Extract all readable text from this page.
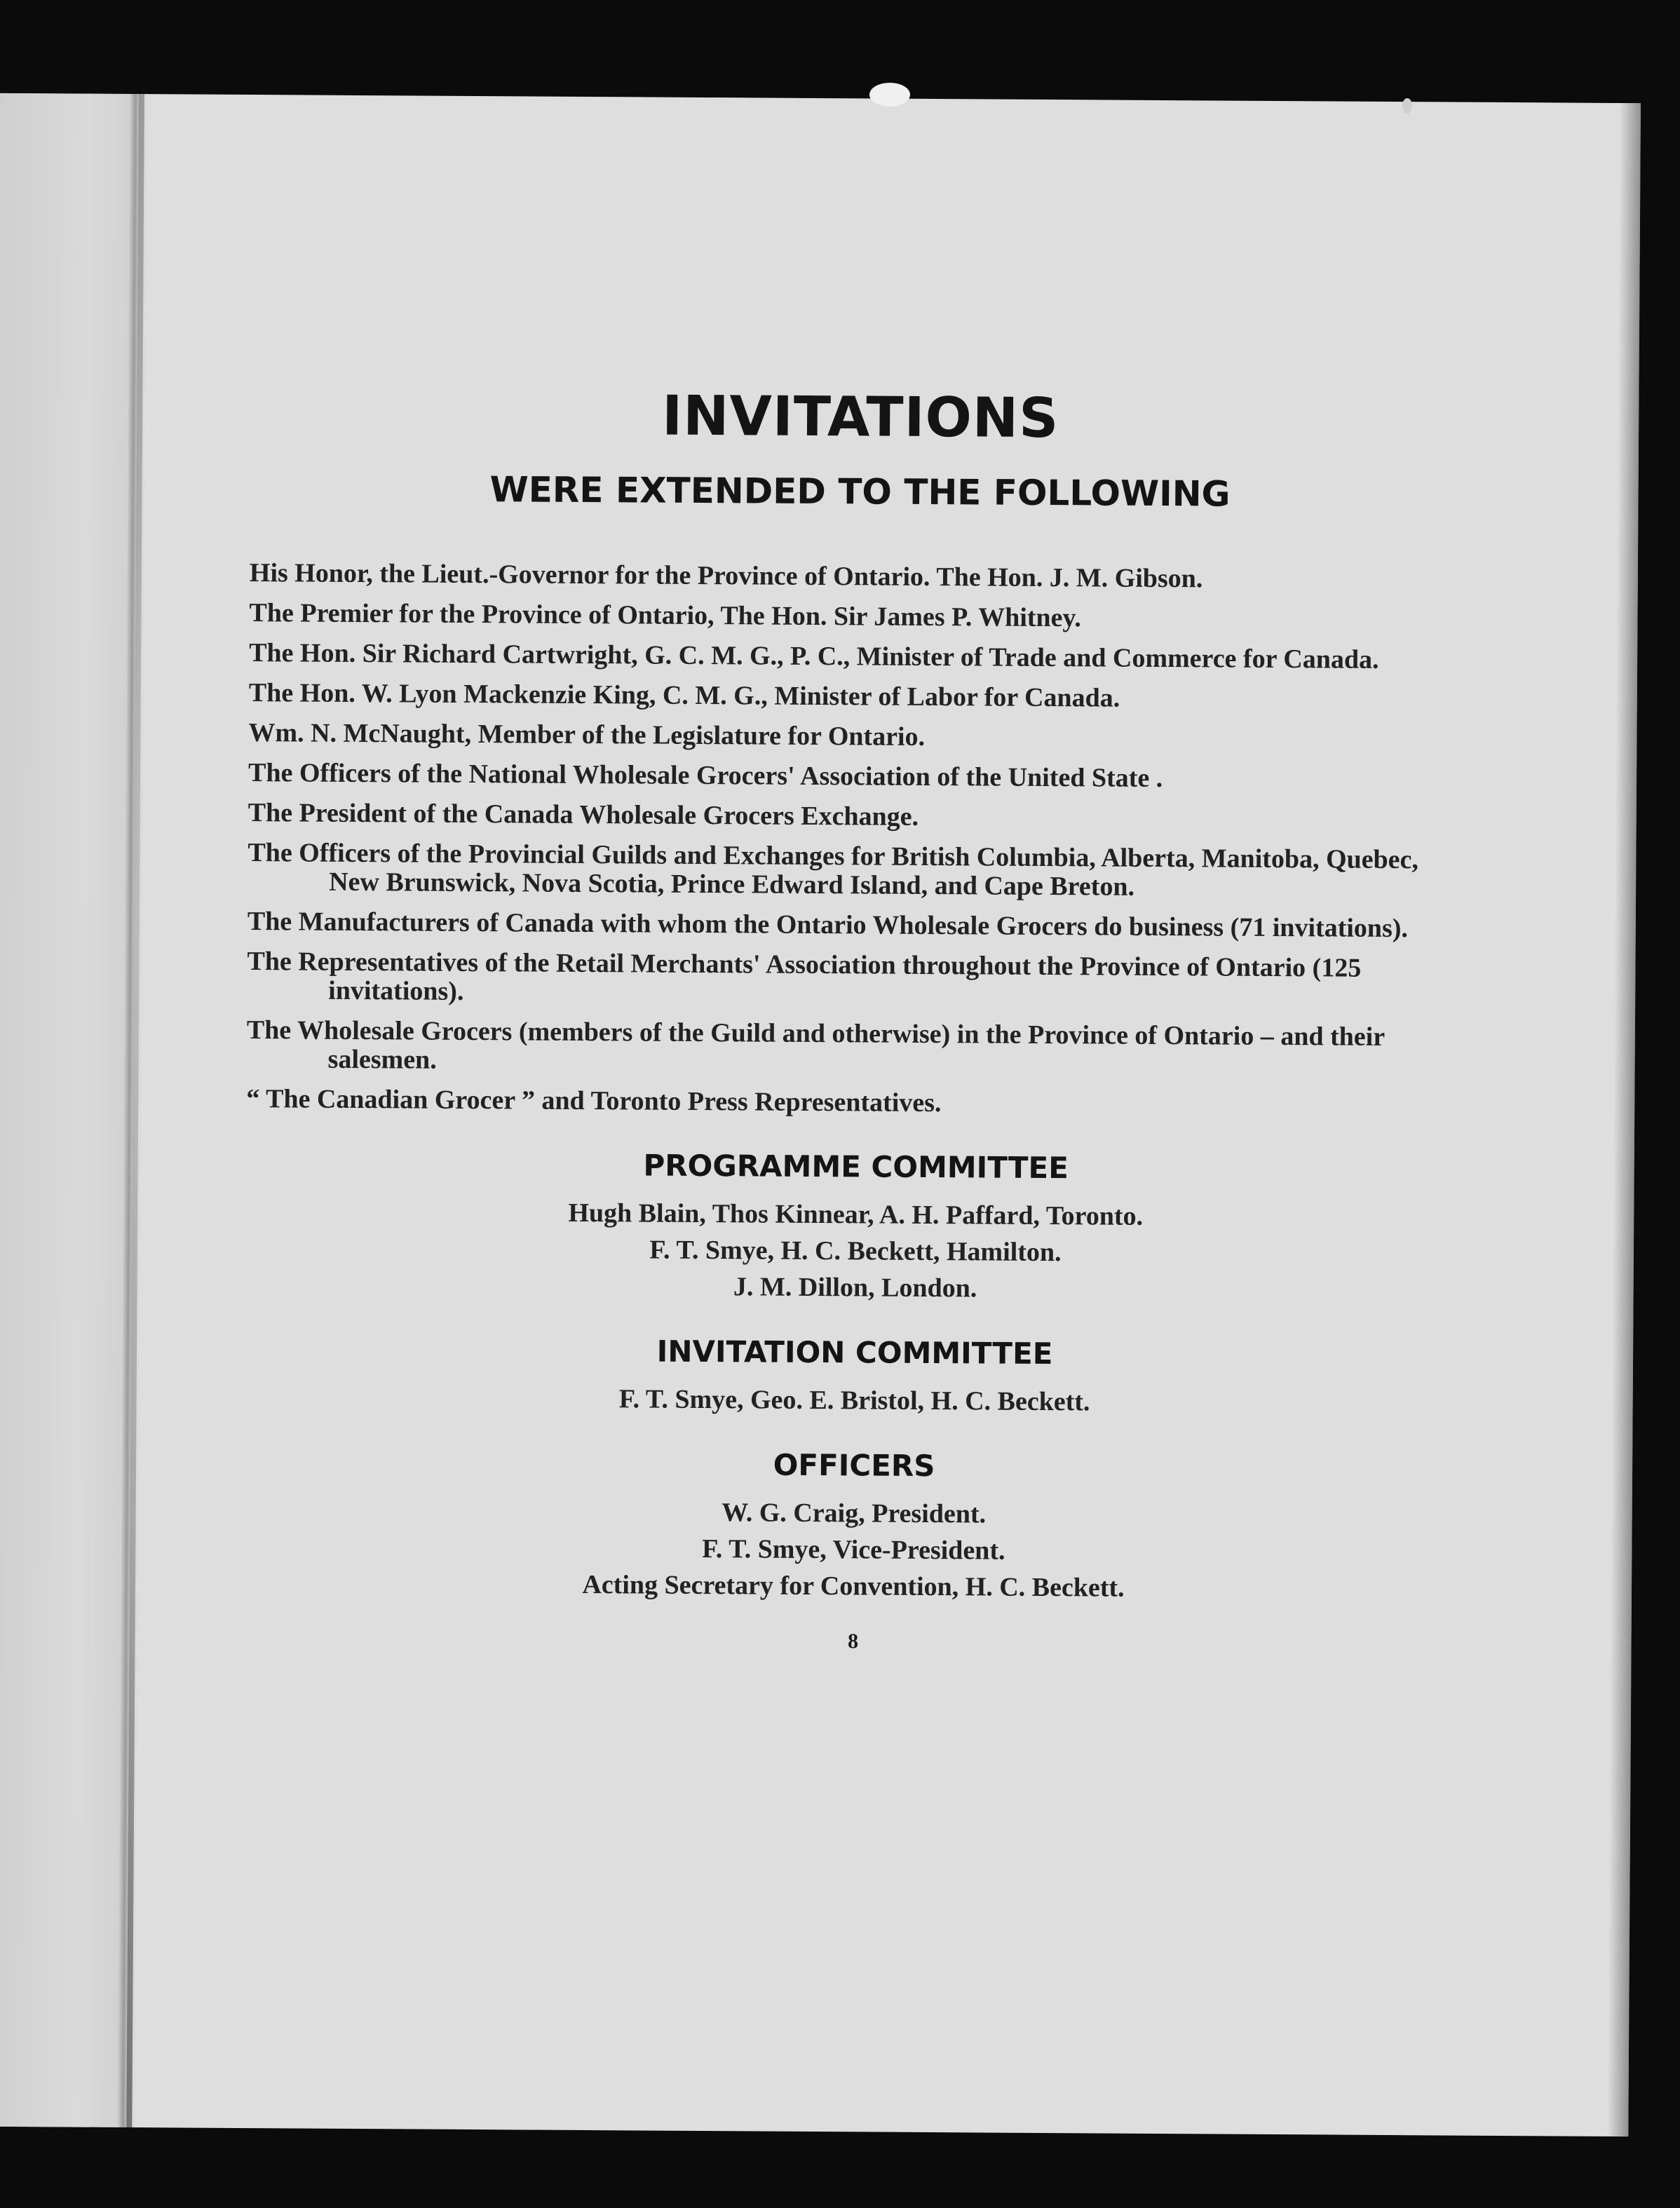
INVITATIONS
WERE EXTENDED TO THE FOLLOWING

His Honor, the Lieut.-Governor for the Province of Ontario. The Hon. J. M. Gibson.

The Premier for the Province of Ontario, The Hon. Sir James P. Whitney.

The Hon. Sir Richard Cartwright, G. C. M. G., P. C., Minister of Trade and Commerce for Canada.

The Hon. W. Lyon Mackenzie King, C. M. G., Minister of Labor for Canada.

Wm. N. McNaught, Member of the Legislature for Ontario.

The Officers of the National Wholesale Grocers' Association of the United State .

The President of the Canada Wholesale Grocers Exchange.

The Officers of the Provincial Guilds and Exchanges for British Columbia, Alberta, Manitoba, Quebec, New Brunswick, Nova Scotia, Prince Edward Island, and Cape Breton.

The Manufacturers of Canada with whom the Ontario Wholesale Grocers do business (71 invitations).

The Representatives of the Retail Merchants' Association throughout the Province of Ontario (125 invitations).

The Wholesale Grocers (members of the Guild and otherwise) in the Province of Ontario – and their salesmen.

“ The Canadian Grocer ” and Toronto Press Representatives.

PROGRAMME COMMITTEE

Hugh Blain, Thos Kinnear, A. H. Paffard, Toronto.

F. T. Smye, H. C. Beckett, Hamilton.

J. M. Dillon, London.

INVITATION COMMITTEE

F. T. Smye, Geo. E. Bristol, H. C. Beckett.

OFFICERS

W. G. Craig, President.

F. T. Smye, Vice-President.

Acting Secretary for Convention, H. C. Beckett.

8
